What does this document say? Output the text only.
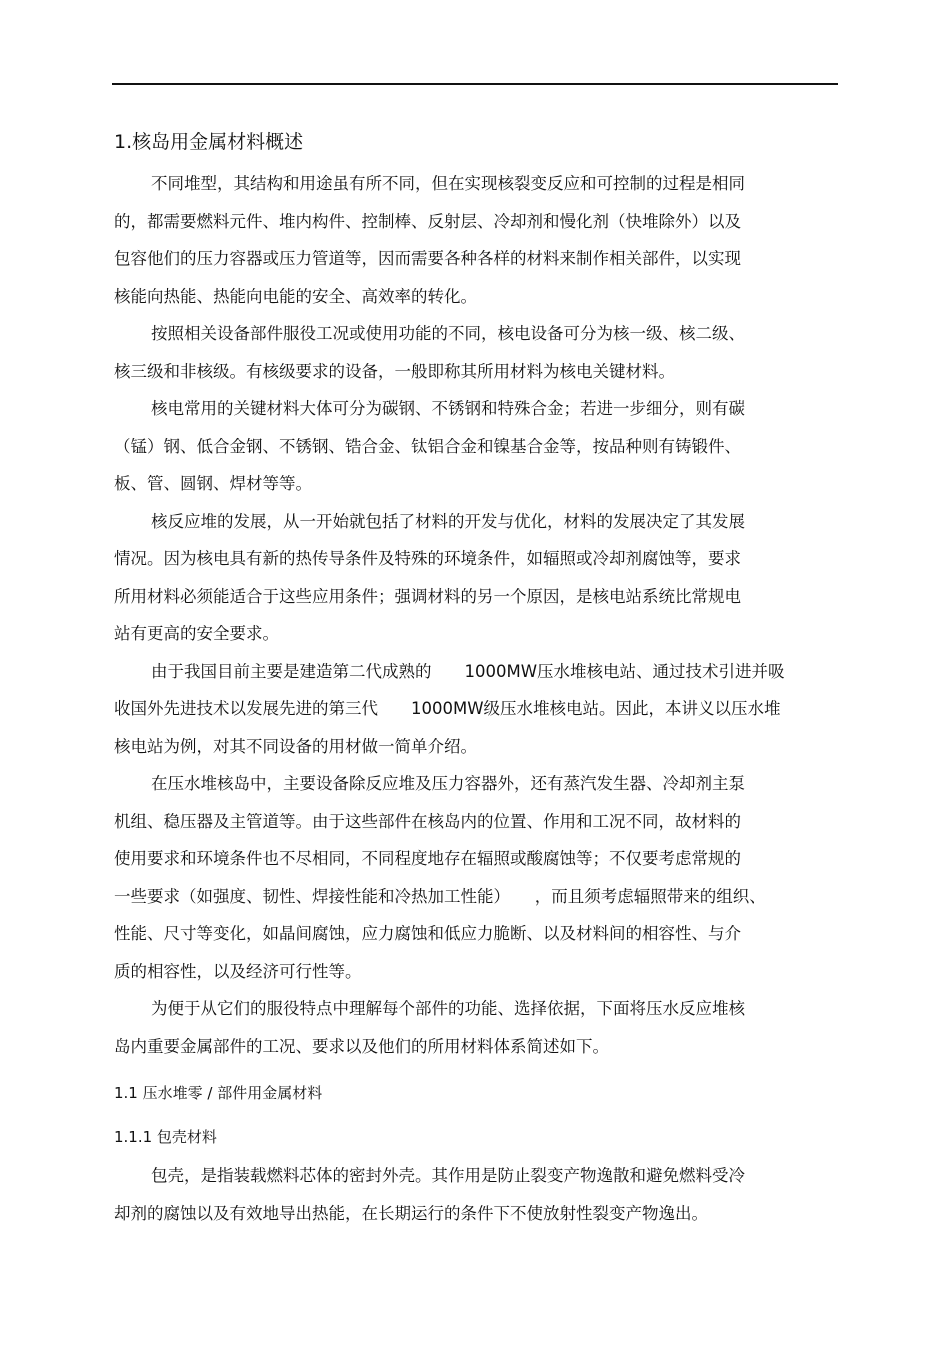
1.核岛用金属材料概述

不同堆型，其结构和用途虽有所不同，但在实现核裂变反应和可控制的过程是相同
的，都需要燃料元件、堆内构件、控制棒、反射层、冷却剂和慢化剂（快堆除外）以及
包容他们的压力容器或压力管道等，因而需要各种各样的材料来制作相关部件，以实现
核能向热能、热能向电能的安全、高效率的转化。

按照相关设备部件服役工况或使用功能的不同，核电设备可分为核一级、核二级、
核三级和非核级。有核级要求的设备，一般即称其所用材料为核电关键材料。

核电常用的关键材料大体可分为碳钢、不锈钢和特殊合金；若进一步细分，则有碳
（锰）钢、低合金钢、不锈钢、锆合金、钛铝合金和镍基合金等，按品种则有铸锻件、
板、管、圆钢、焊材等等。

核反应堆的发展，从一开始就包括了材料的开发与优化，材料的发展决定了其发展
情况。因为核电具有新的热传导条件及特殊的环境条件，如辐照或冷却剂腐蚀等，要求
所用材料必须能适合于这些应用条件；强调材料的另一个原因，是核电站系统比常规电
站有更高的安全要求。

由于我国目前主要是建造第二代成熟的　　1000MW压水堆核电站、通过技术引进并吸
收国外先进技术以发展先进的第三代　　1000MW级压水堆核电站。因此，本讲义以压水堆
核电站为例，对其不同设备的用材做一简单介绍。

在压水堆核岛中，主要设备除反应堆及压力容器外，还有蒸汽发生器、冷却剂主泵
机组、稳压器及主管道等。由于这些部件在核岛内的位置、作用和工况不同，故材料的
使用要求和环境条件也不尽相同，不同程度地存在辐照或酸腐蚀等；不仅要考虑常规的
一些要求（如强度、韧性、焊接性能和冷热加工性能）　　，而且须考虑辐照带来的组织、
性能、尺寸等变化，如晶间腐蚀，应力腐蚀和低应力脆断、以及材料间的相容性、与介
质的相容性，以及经济可行性等。

为便于从它们的服役特点中理解每个部件的功能、选择依据，下面将压水反应堆核
岛内重要金属部件的工况、要求以及他们的所用材料体系简述如下。

1.1 压水堆零 / 部件用金属材料
1.1.1 包壳材料

包壳，是指装载燃料芯体的密封外壳。其作用是防止裂变产物逸散和避免燃料受冷
却剂的腐蚀以及有效地导出热能，在长期运行的条件下不使放射性裂变产物逸出。
